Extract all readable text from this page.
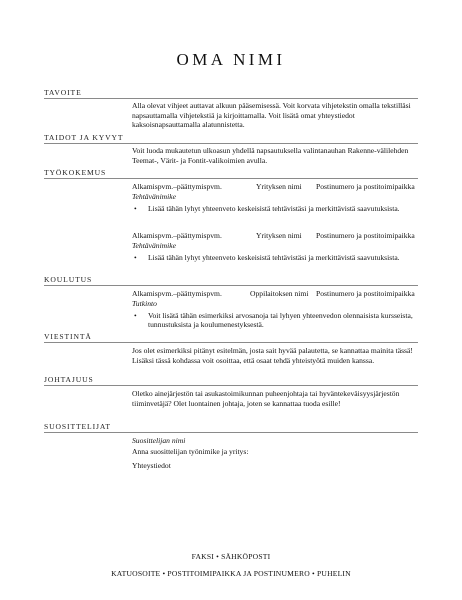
OMA NIMI
TAVOITE

Alla olevat vihjeet auttavat alkuun pääsemisessä. Voit korvata vihjetekstin omalla tekstilläsi napsauttamalla vihjetekstiä ja kirjoittamalla. Voit lisätä omat yhteystiedot kaksoisnapsauttamalla alatunnistetta.

TAIDOT JA KYVYT

Voit luoda mukautetun ulkoasun yhdellä napsautuksella valintanauhan Rakenne-välilehden Teemat-, Värit- ja Fontit-valikoimien avulla.

TYÖKOKEMUS
Alkamispvm.–päättymispvm.	Yrityksen nimi Postinumero ja postitoimipaikka
Tehtävänimike
• Lisää tähän lyhyt yhteenveto keskeisistä tehtävistäsi ja merkittävistä saavutuksista.
Alkamispvm.–päättymispvm.	Yrityksen nimi Postinumero ja postitoimipaikka
Tehtävänimike
• Lisää tähän lyhyt yhteenveto keskeisistä tehtävistäsi ja merkittävistä saavutuksista.
KOULUTUS
Alkamispvm.–päättymispvm.	Oppilaitoksen nimi Postinumero ja postitoimipaikka
Tutkinto
• Voit lisätä tähän esimerkiksi arvosanoja tai lyhyen yhteenvedon olennaisista kursseista, tunnustuksista ja koulumenestyksestä.
VIESTINTÄ

Jos olet esimerkiksi pitänyt esitelmän, josta sait hyvää palautetta, se kannattaa mainita tässä! Lisäksi tässä kohdassa voit osoittaa, että osaat tehdä yhteistyötä muiden kanssa.

JOHTAJUUS

Oletko ainejärjestön tai asukastoimikunnan puheenjohtaja tai hyväntekeväisyysjärjestön tiiminvetäjä? Olet luontainen johtaja, joten se kannattaa tuoda esille!

SUOSITTELIJAT
Suosittelijan nimi
Anna suosittelijan työnimike ja yritys:
Yhteystiedot
FAKSI • SÄHKÖPOSTI
KATUOSOITE • POSTITOIMIPAIKKA JA POSTINUMERO • PUHELIN
